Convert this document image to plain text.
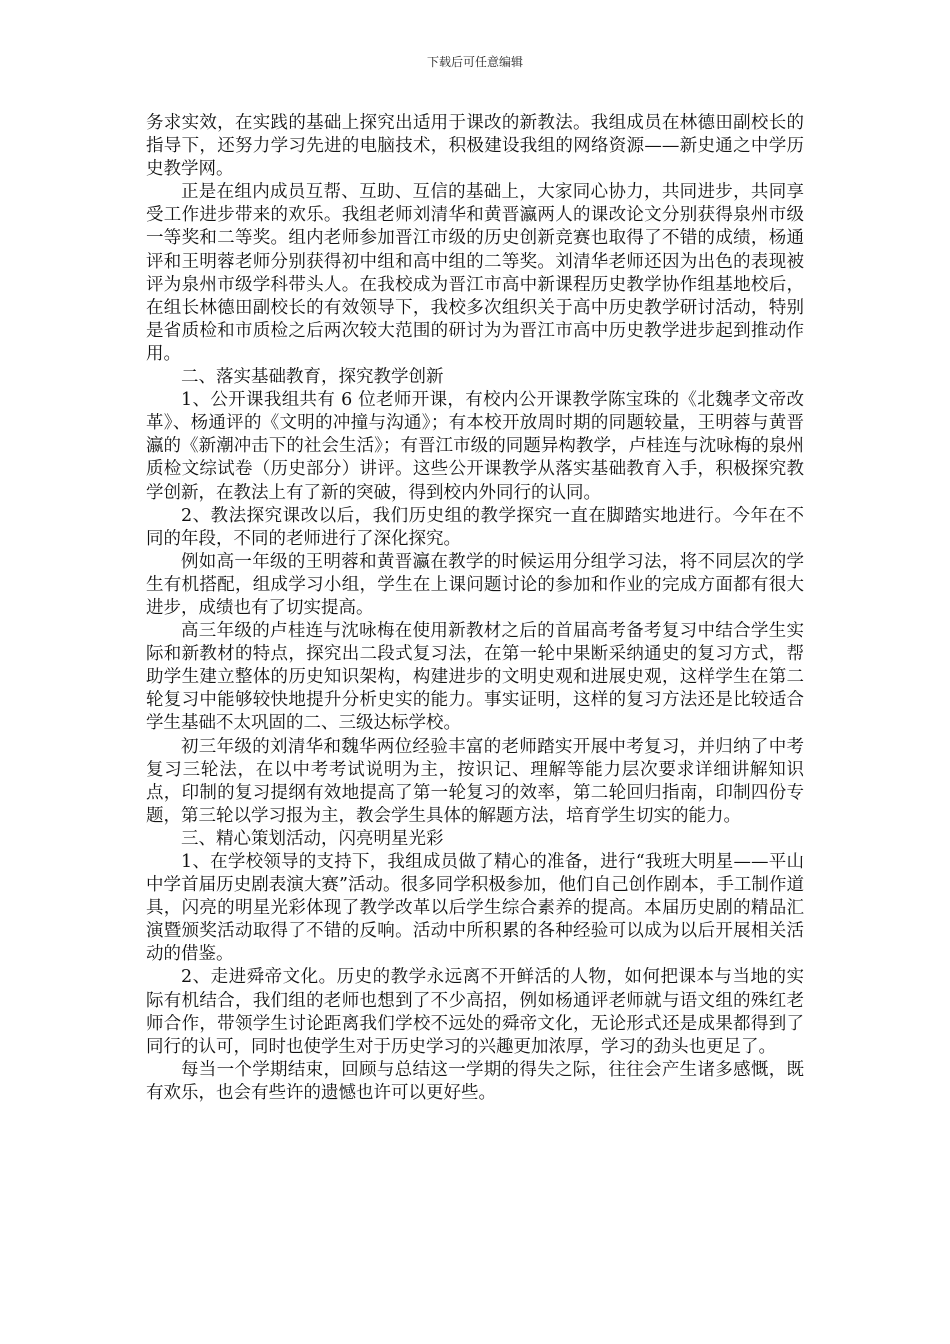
下载后可任意编辑

务求实效，在实践的基础上探究出适用于课改的新教法。我组成员在林德田副校长的指导下，还努力学习先进的电脑技术，积极建设我组的网络资源——新史通之中学历史教学网。

正是在组内成员互帮、互助、互信的基础上，大家同心协力，共同进步，共同享受工作进步带来的欢乐。我组老师刘清华和黄晋瀛两人的课改论文分别获得泉州市级一等奖和二等奖。组内老师参加晋江市级的历史创新竞赛也取得了不错的成绩，杨通评和王明蓉老师分别获得初中组和高中组的二等奖。刘清华老师还因为出色的表现被评为泉州市级学科带头人。在我校成为晋江市高中新课程历史教学协作组基地校后，在组长林德田副校长的有效领导下，我校多次组织关于高中历史教学研讨活动，特别是省质检和市质检之后两次较大范围的研讨为为晋江市高中历史教学进步起到推动作用。

二、落实基础教育，探究教学创新

1、公开课我组共有 6 位老师开课，有校内公开课教学陈宝珠的《北魏孝文帝改革》、杨通评的《文明的冲撞与沟通》；有本校开放周时期的同题较量，王明蓉与黄晋瀛的《新潮冲击下的社会生活》；有晋江市级的同题异构教学，卢桂连与沈咏梅的泉州质检文综试卷（历史部分）讲评。这些公开课教学从落实基础教育入手，积极探究教学创新，在教法上有了新的突破，得到校内外同行的认同。

2、教法探究课改以后，我们历史组的教学探究一直在脚踏实地进行。今年在不同的年段，不同的老师进行了深化探究。

例如高一年级的王明蓉和黄晋瀛在教学的时候运用分组学习法，将不同层次的学生有机搭配，组成学习小组，学生在上课问题讨论的参加和作业的完成方面都有很大进步，成绩也有了切实提高。

高三年级的卢桂连与沈咏梅在使用新教材之后的首届高考备考复习中结合学生实际和新教材的特点，探究出二段式复习法，在第一轮中果断采纳通史的复习方式，帮助学生建立整体的历史知识架构，构建进步的文明史观和进展史观，这样学生在第二轮复习中能够较快地提升分析史实的能力。事实证明，这样的复习方法还是比较适合学生基础不太巩固的二、三级达标学校。

初三年级的刘清华和魏华两位经验丰富的老师踏实开展中考复习，并归纳了中考复习三轮法，在以中考考试说明为主，按识记、理解等能力层次要求详细讲解知识点，印制的复习提纲有效地提高了第一轮复习的效率，第二轮回归指南，印制四份专题，第三轮以学习报为主，教会学生具体的解题方法，培育学生切实的能力。

三、精心策划活动，闪亮明星光彩

1、在学校领导的支持下，我组成员做了精心的准备，进行“我班大明星——平山中学首届历史剧表演大赛”活动。很多同学积极参加，他们自己创作剧本，手工制作道具，闪亮的明星光彩体现了教学改革以后学生综合素养的提高。本届历史剧的精品汇演暨颁奖活动取得了不错的反响。活动中所积累的各种经验可以成为以后开展相关活动的借鉴。

2、走进舜帝文化。历史的教学永远离不开鲜活的人物，如何把课本与当地的实际有机结合，我们组的老师也想到了不少高招，例如杨通评老师就与语文组的殊红老师合作，带领学生讨论距离我们学校不远处的舜帝文化，无论形式还是成果都得到了同行的认可，同时也使学生对于历史学习的兴趣更加浓厚，学习的劲头也更足了。

每当一个学期结束，回顾与总结这一学期的得失之际，往往会产生诸多感慨，既有欢乐，也会有些许的遗憾也许可以更好些。
